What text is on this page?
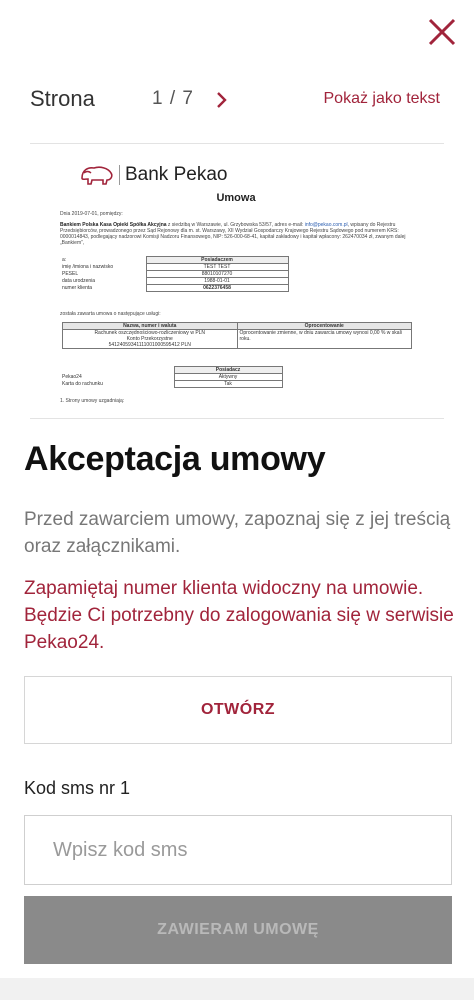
Strona	1 / 7	Pokaż jako tekst
Bank Pekao
Umowa
Dnia 2019-07-01, pomiędzy:
Bankiem Polska Kasa Opieki Spółka Akcyjna z siedzibą w Warszawie, ul. Grzybowska 53/57, adres e-mail: info@pekao.com.pl, wpisany do Rejestru Przedsiębiorców, prowadzonego przez Sąd Rejonowy dla m. st. Warszawy, XII Wydział Gospodarczy Krajowego Rejestru Sądowego pod numerem KRS: 0000014843, podlegający nadzorowi Komisji Nadzoru Finansowego, NIP: 526-000-68-41, kapitał zakładowy i kapitał wpłacony: 262470034 zł, zwanym dalej „Bankiem”,
a:	Posiadaczem
imię /imiona i nazwisko	TEST TEST
PESEL	88010107270
data urodzenia	1988-01-01
numer klienta	0622376458
została zawarta umowa o następujące usługi:
Nazwa, numer i waluta	Oprocentowanie

Rachunek oszczędnościowo-rozliczeniowy w PLN
Konto Przekorzystne
54124059341111001000595412 PLN	Oprocentowanie zmienne, w dniu zawarcia umowy wynosi 0,00 % w skali roku.
	Posiadacz
Pekao24	Aktywny
Karta do rachunku	Tak
1. Strony umowy uzgadniają:
Akceptacja umowy

Przed zawarciem umowy, zapoznaj się z jej treścią oraz załącznikami.

Zapamiętaj numer klienta widoczny na umowie. Będzie Ci potrzebny do zalogowania się w serwisie Pekao24.

OTWÓRZ
Kod sms nr 1
Wpisz kod sms
ZAWIERAM UMOWĘ
